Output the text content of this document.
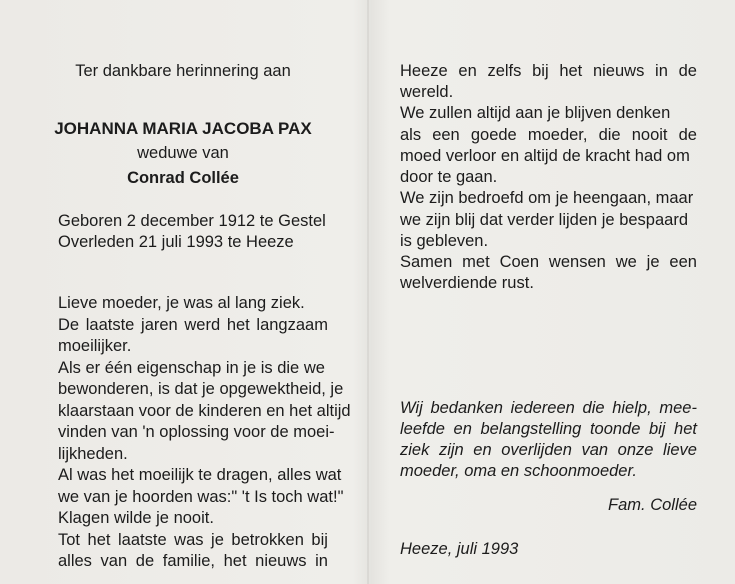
Ter dankbare herinnering aan
JOHANNA MARIA JACOBA PAX
weduwe van
Conrad Collée
Geboren 2 december 1912 te Gestel
Overleden 21 juli 1993 te Heeze
Lieve moeder, je was al lang ziek.
De laatste jaren werd het langzaam
moeilijker.
Als er één eigenschap in je is die we
bewonderen, is dat je opgewektheid, je
klaarstaan voor de kinderen en het altijd
vinden van 'n oplossing voor de moei-
lijkheden.
Al was het moeilijk te dragen, alles wat
we van je hoorden was:" 't Is toch wat!"
Klagen wilde je nooit.
Tot het laatste was je betrokken bij
alles van de familie, het nieuws in
Heeze en zelfs bij het nieuws in de
wereld.
We zullen altijd aan je blijven denken
als een goede moeder, die nooit de
moed verloor en altijd de kracht had om
door te gaan.
We zijn bedroefd om je heengaan, maar
we zijn blij dat verder lijden je bespaard
is gebleven.
Samen met Coen wensen we je een
welverdiende rust.
Wij bedanken iedereen die hielp, mee-
leefde en belangstelling toonde bij het
ziek zijn en overlijden van onze lieve
moeder, oma en schoonmoeder.
Fam. Collée
Heeze, juli 1993
